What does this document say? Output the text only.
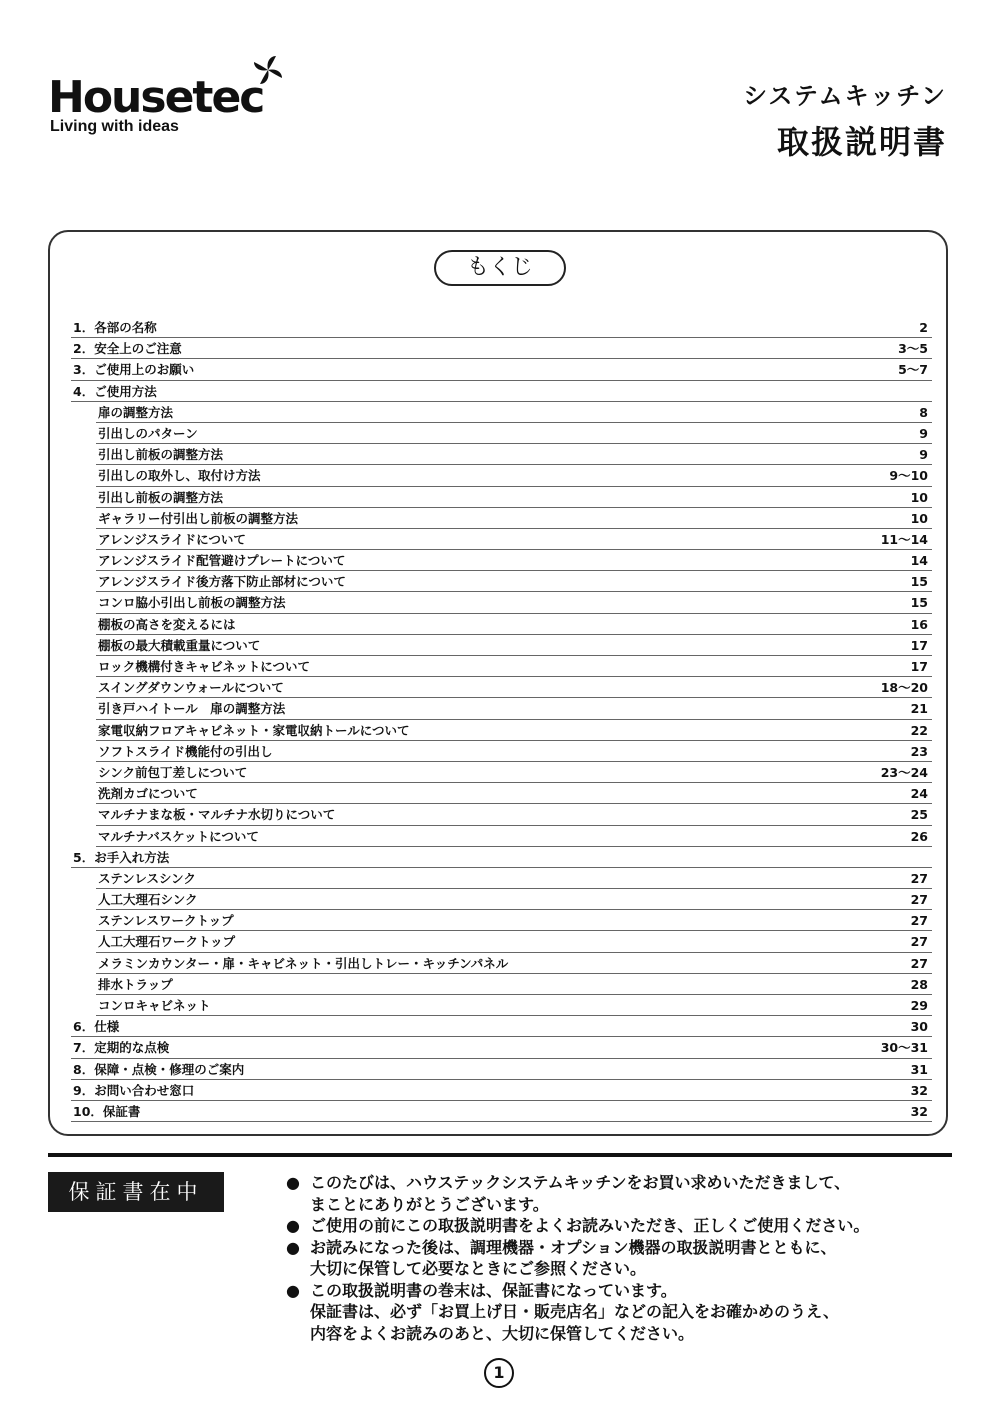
Housetec
Living with ideas
システムキッチン
取扱説明書
もくじ
1．各部の名称	2
2．安全上のご注意	3～5
3．ご使用上のお願い	5～7
4．ご使用方法
扉の調整方法	8
引出しのパターン	9
引出し前板の調整方法	9
引出しの取外し、取付け方法	9～10
引出し前板の調整方法	10
ギャラリー付引出し前板の調整方法	10
アレンジスライドについて	11～14
アレンジスライド配管避けプレートについて	14
アレンジスライド後方落下防止部材について	15
コンロ脇小引出し前板の調整方法	15
棚板の高さを変えるには	16
棚板の最大積載重量について	17
ロック機構付きキャビネットについて	17
スイングダウンウォールについて	18～20
引き戸ハイトール　扉の調整方法	21
家電収納フロアキャビネット・家電収納トールについて	22
ソフトスライド機能付の引出し	23
シンク前包丁差しについて	23～24
洗剤カゴについて	24
マルチナまな板・マルチナ水切りについて	25
マルチナバスケットについて	26
5．お手入れ方法
ステンレスシンク	27
人工大理石シンク	27
ステンレスワークトップ	27
人工大理石ワークトップ	27
メラミンカウンター・扉・キャビネット・引出しトレー・キッチンパネル	27
排水トラップ	28
コンロキャビネット	29
6．仕様	30
7．定期的な点検	30～31
8．保障・点検・修理のご案内	31
9．お問い合わせ窓口	32
10．保証書	32
保証書在中	● このたびは、ハウステックシステムキッチンをお買い求めいただきまして、
まことにありがとうございます。
● ご使用の前にこの取扱説明書をよくお読みいただき、正しくご使用ください。
● お読みになった後は、調理機器・オプション機器の取扱説明書とともに、
大切に保管して必要なときにご参照ください。
● この取扱説明書の巻末は、保証書になっています。
保証書は、必ず「お買上げ日・販売店名」などの記入をお確かめのうえ、
内容をよくお読みのあと、大切に保管してください。
1
